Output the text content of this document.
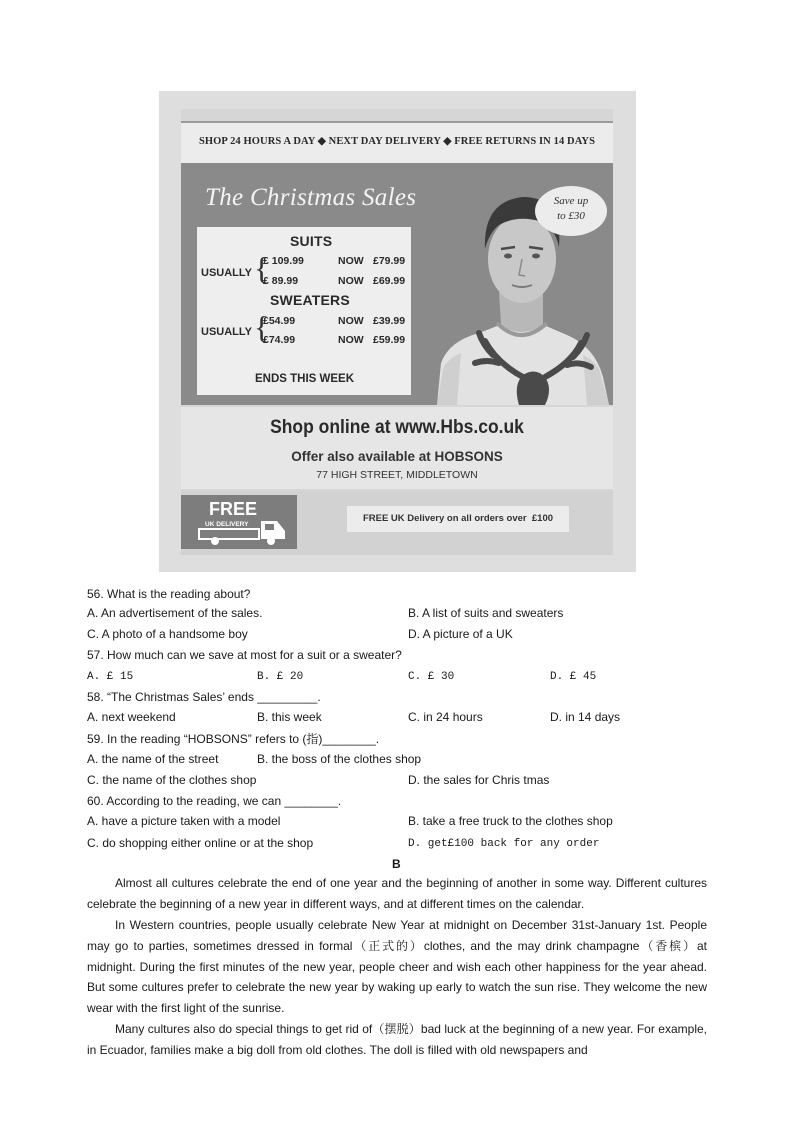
SHOP 24 HOURS A DAY ◆ NEXT DAY DELIVERY ◆ FREE RETURNS IN 14 DAYS
Save up
to £30
The Christmas Sales
SUITS
USUALLY {
£ 109.99	NOW £79.99
£ 89.99	NOW £69.99
SWEATERS
USUALLY {
£54.99	NOW £39.99
£74.99	NOW £59.99
ENDS THIS WEEK
Shop online at www.Hbs.co.uk
Offer also available at HOBSONS
77 HIGH STREET, MIDDLETOWN
FREE
UK DELIVERY
FREE UK Delivery on all orders over  £100
56. What is the reading about?
A. An advertisement of the sales.	B. A list of suits and sweaters
C. A photo of a handsome boy	D. A picture of a UK
57. How much can we save at most for a suit or a sweater?
A. £ 15	B. £ 20	C. £ 30	D. £ 45
58. “The Christmas Sales’ ends _________.
A. next weekend	B. this week	C. in 24 hours	D. in 14 days
59. In the reading “HOBSONS” refers to (指)________.
A. the name of the street	B. the boss of the clothes shop
C. the name of the clothes shop	D. the sales for Chris tmas
60. According to the reading, we can ________.
A. have a picture taken with a model	B. take a free truck to the clothes shop
C. do shopping either online or at the shop	D. get£100 back for any order
B
Almost all cultures celebrate the end of one year and the beginning of another in some way. Different cultures celebrate the beginning of a new year in different ways, and at different times on the calendar.
In Western countries, people usually celebrate New Year at midnight on December 31st-January 1st. People may go to parties, sometimes dressed in formal（正式的）clothes, and the may drink champagne（香槟）at midnight. During the first minutes of the new year, people cheer and wish each other happiness for the year ahead. But some cultures prefer to celebrate the new year by waking up early to watch the sun rise. They welcome the new wear with the first light of the sunrise.
Many cultures also do special things to get rid of（摆脱）bad luck at the beginning of a new year. For example, in Ecuador, families make a big doll from old clothes. The doll is filled with old newspapers and
